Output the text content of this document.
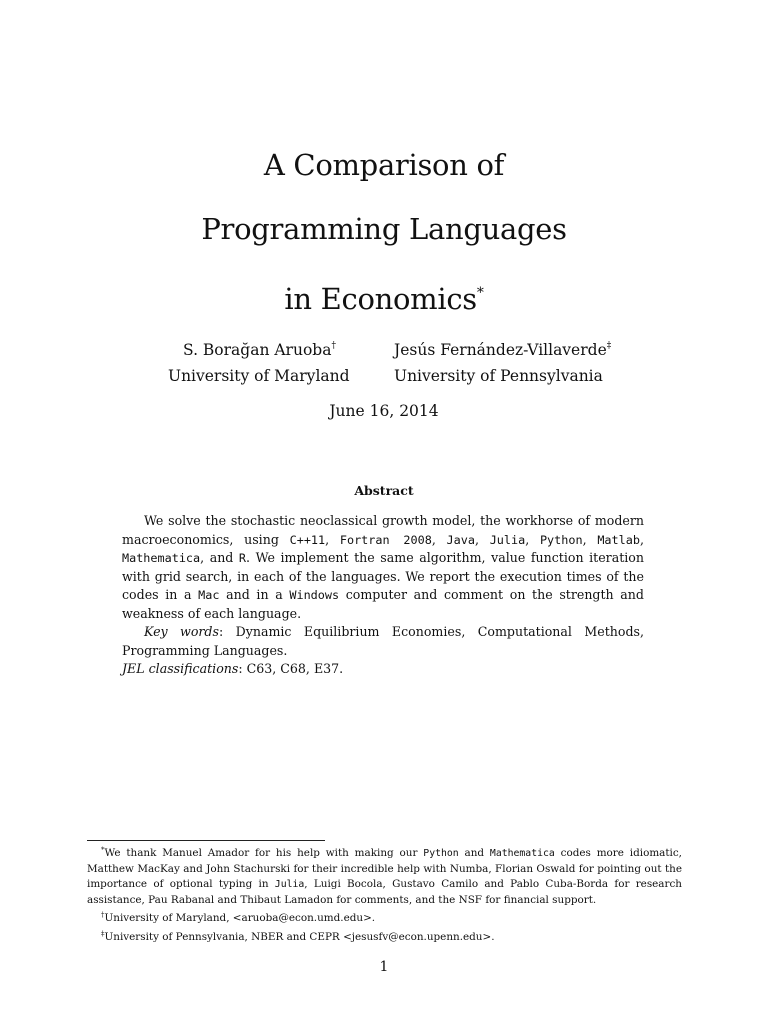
A Comparison of
Programming Languages
in Economics*
S. Borağan Aruoba†
University of Maryland
Jesús Fernández-Villaverde‡
University of Pennsylvania
June 16, 2014
Abstract

We solve the stochastic neoclassical growth model, the workhorse of modern macroeconomics, using C++11, Fortran 2008, Java, Julia, Python, Matlab, Mathematica, and R. We implement the same algorithm, value function iteration with grid search, in each of the languages. We report the execution times of the codes in a Mac and in a Windows computer and comment on the strength and weakness of each language.

Key words: Dynamic Equilibrium Economies, Computational Methods, Programming Languages.

JEL classifications: C63, C68, E37.

*We thank Manuel Amador for his help with making our Python and Mathematica codes more idiomatic, Matthew MacKay and John Stachurski for their incredible help with Numba, Florian Oswald for pointing out the importance of optional typing in Julia, Luigi Bocola, Gustavo Camilo and Pablo Cuba-Borda for research assistance, Pau Rabanal and Thibaut Lamadon for comments, and the NSF for financial support.

†University of Maryland, <aruoba@econ.umd.edu>.

‡University of Pennsylvania, NBER and CEPR <jesusfv@econ.upenn.edu>.

1
